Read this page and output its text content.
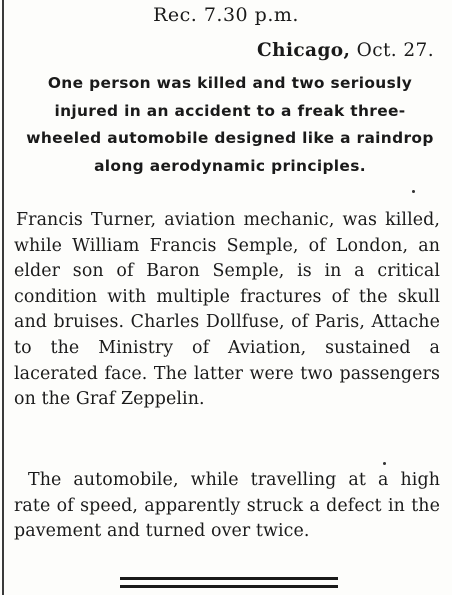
Rec. 7.30 p.m.
Chicago, Oct. 27.

One person was killed and two seriously injured in an accident to a freak three-wheeled automobile designed like a raindrop along aerodynamic principles.

Francis Turner, aviation mechanic, was killed, while William Francis Semple, of London, an elder son of Baron Semple, is in a critical condition with multiple fractures of the skull and bruises. Charles Dollfuse, of Paris, Attache to the Ministry of Aviation, sustained a lacerated face. The latter were two passengers on the Graf Zeppelin.

The automobile, while travelling at a high rate of speed, apparently struck a defect in the pavement and turned over twice.
